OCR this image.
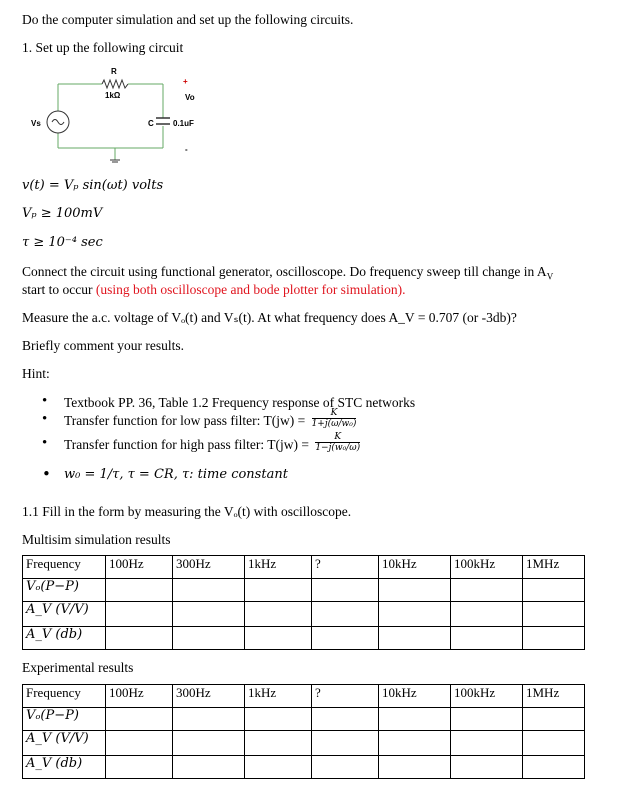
Do the computer simulation and set up the following circuits.
1. Set up the following circuit
R
1kΩ
+
Vo
Vs	C 0.1uF
-
v(t) = Vₚ sin(ωt) volts
Vₚ ≥ 100mV
τ ≥ 10⁻⁴ sec
Connect the circuit using functional generator, oscilloscope. Do frequency sweep till change in $A_V$
start to occur (using both oscilloscope and bode plotter for simulation).
Measure the a.c. voltage of Vₒ(t) and Vₛ(t). At what frequency does A_V = 0.707 (or -3db)?
Briefly comment your results.
Hint:
Textbook PP. 36, Table 1.2 Frequency response of STC networks
Transfer function for low pass filter: $T(jw) = \frac{K}{\text{1+j(ω/w₀)}}$
Transfer function for high pass filter: $T(jw) = \frac{K}{\text{1−j(w₀/ω)}}$
w₀ = 1/τ, τ = CR, τ: time constant
1.1 Fill in the form by measuring the Vₒ(t) with oscilloscope.
Multisim simulation results
Frequency	100Hz	300Hz	1kHz	?	10kHz	100kHz	1MHz
Vₒ(P−P)							
A_V (V/V)							
A_V (db)							
Experimental results
Frequency	100Hz	300Hz	1kHz	?	10kHz	100kHz	1MHz
Vₒ(P−P)							
A_V (V/V)							
A_V (db)							
